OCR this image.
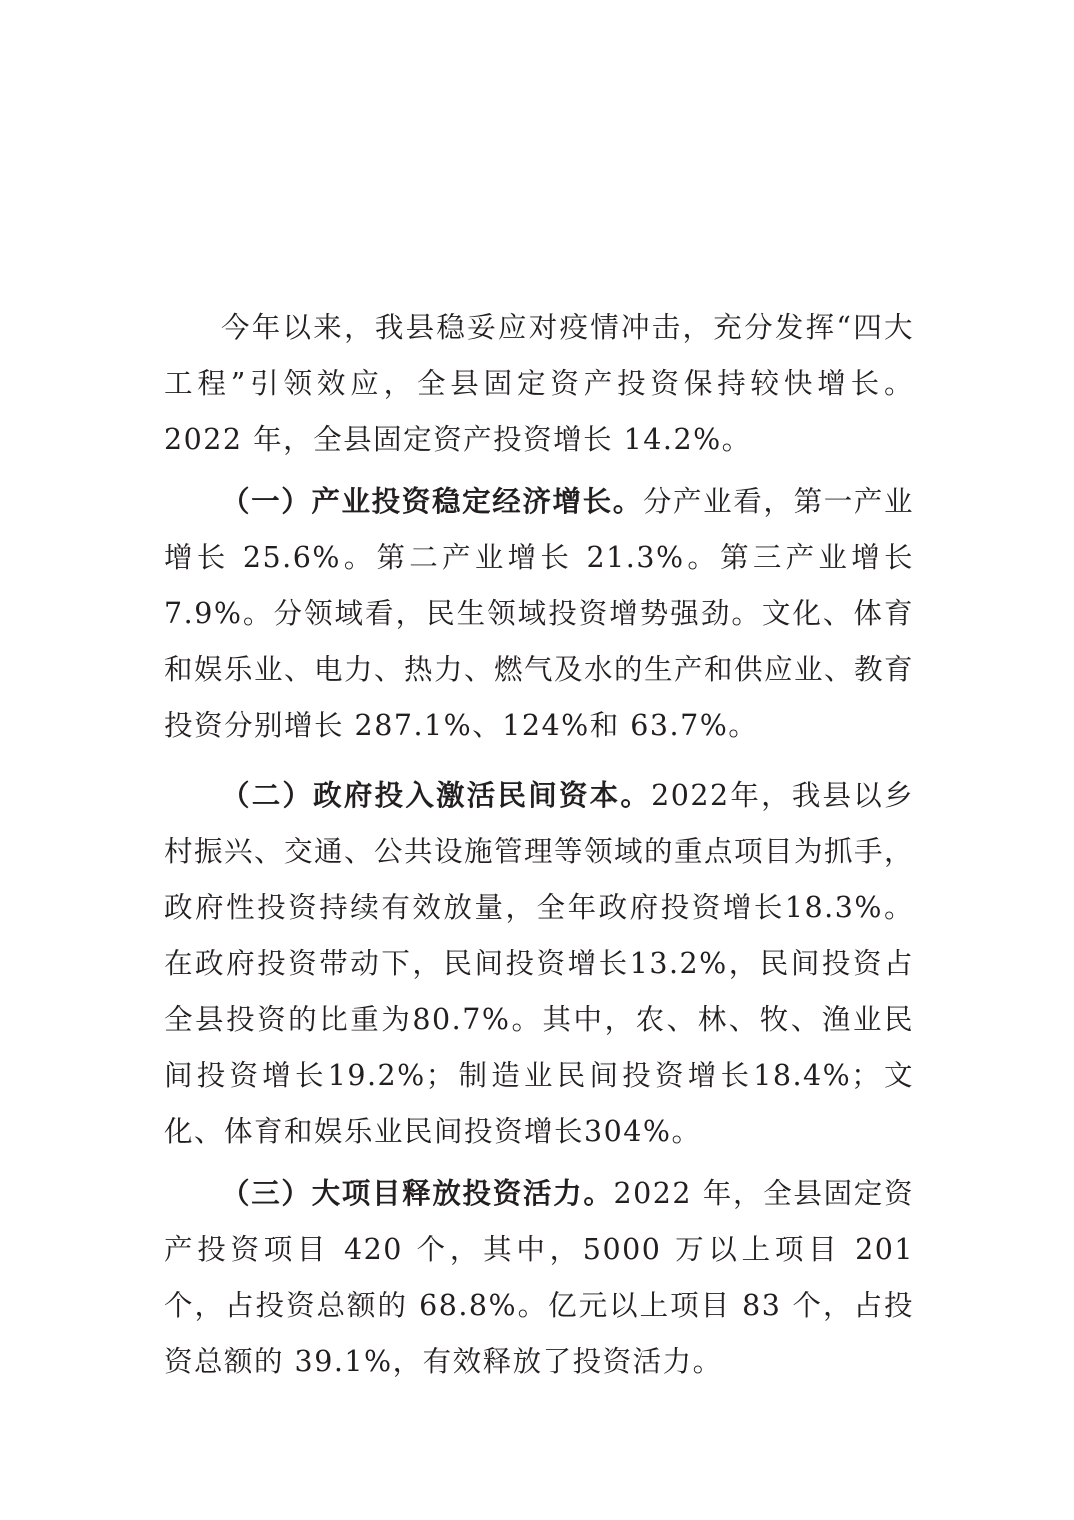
今年以来，我县稳妥应对疫情冲击，充分发挥“四大工程”引领效应，全县固定资产投资保持较快增长。2022 年，全县固定资产投资增长 14.2%。

（一）产业投资稳定经济增长。分产业看，第一产业增长 25.6%。第二产业增长 21.3%。第三产业增长 7.9%。分领域看，民生领域投资增势强劲。文化、体育和娱乐业、电力、热力、燃气及水的生产和供应业、教育投资分别增长 287.1%、124%和 63.7%。

（二）政府投入激活民间资本。2022年，我县以乡村振兴、交通、公共设施管理等领域的重点项目为抓手，政府性投资持续有效放量，全年政府投资增长18.3%。在政府投资带动下，民间投资增长13.2%，民间投资占全县投资的比重为80.7%。其中，农、林、牧、渔业民间投资增长19.2%；制造业民间投资增长18.4%；文化、体育和娱乐业民间投资增长304%。

（三）大项目释放投资活力。2022 年，全县固定资产投资项目 420 个，其中，5000 万以上项目 201 个，占投资总额的 68.8%。亿元以上项目 83 个，占投资总额的 39.1%，有效释放了投资活力。
